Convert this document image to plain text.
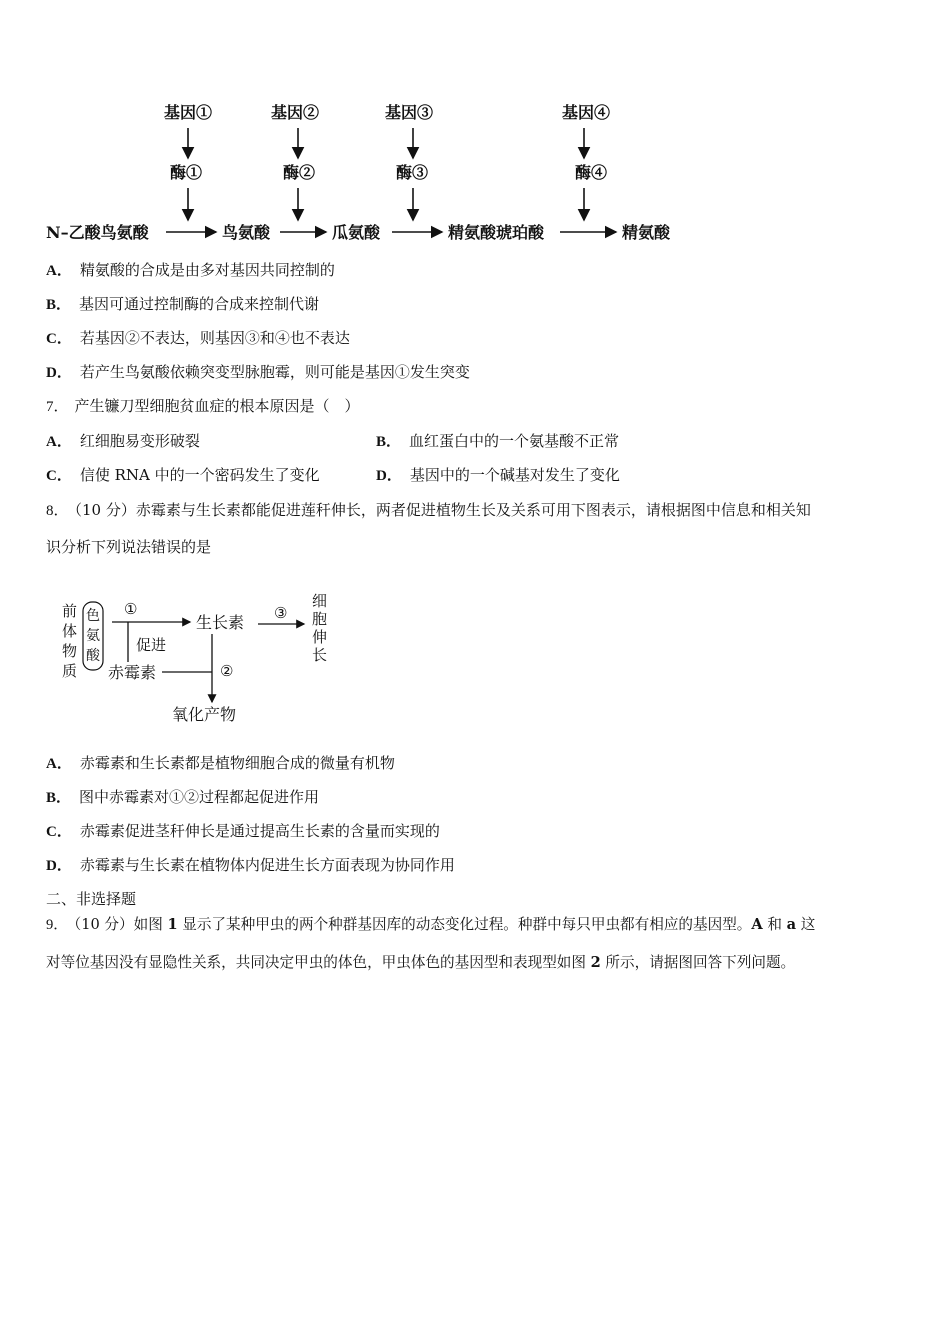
基因①	基因②	基因③	基因④
酶①	酶②	酶③	酶④
N–乙酸鸟氨酸	鸟氨酸	瓜氨酸	精氨酸琥珀酸	精氨酸
A． 精氨酸的合成是由多对基因共同控制的
B． 基因可通过控制酶的合成来控制代谢
C． 若基因②不表达，则基因③和④也不表达
D． 若产生鸟氨酸依赖突变型脉胞霉，则可能是基因①发生突变
7． 产生镰刀型细胞贫血症的根本原因是（　）
A． 红细胞易变形破裂	B． 血红蛋白中的一个氨基酸不正常
C． 信使 RNA 中的一个密码发生了变化	D． 基因中的一个碱基对发生了变化
8． （10 分）赤霉素与生长素都能促进莲秆伸长，两者促进植物生长及关系可用下图表示，请根据图中信息和相关知
识分析下列说法错误的是
前
体
物
质
色
氨
酸
①
促进
生长素 ③
细
胞
伸
长
赤霉素	②
氧化产物
A． 赤霉素和生长素都是植物细胞合成的微量有机物
B． 图中赤霉素对①②过程都起促进作用
C． 赤霉素促进茎秆伸长是通过提高生长素的含量而实现的
D． 赤霉素与生长素在植物体内促进生长方面表现为协同作用
二、非选择题
9． （10 分）如图 1 显示了某种甲虫的两个种群基因库的动态变化过程。种群中每只甲虫都有相应的基因型。A 和 a 这
对等位基因没有显隐性关系，共同决定甲虫的体色，甲虫体色的基因型和表现型如图 2 所示，请据图回答下列问题。
